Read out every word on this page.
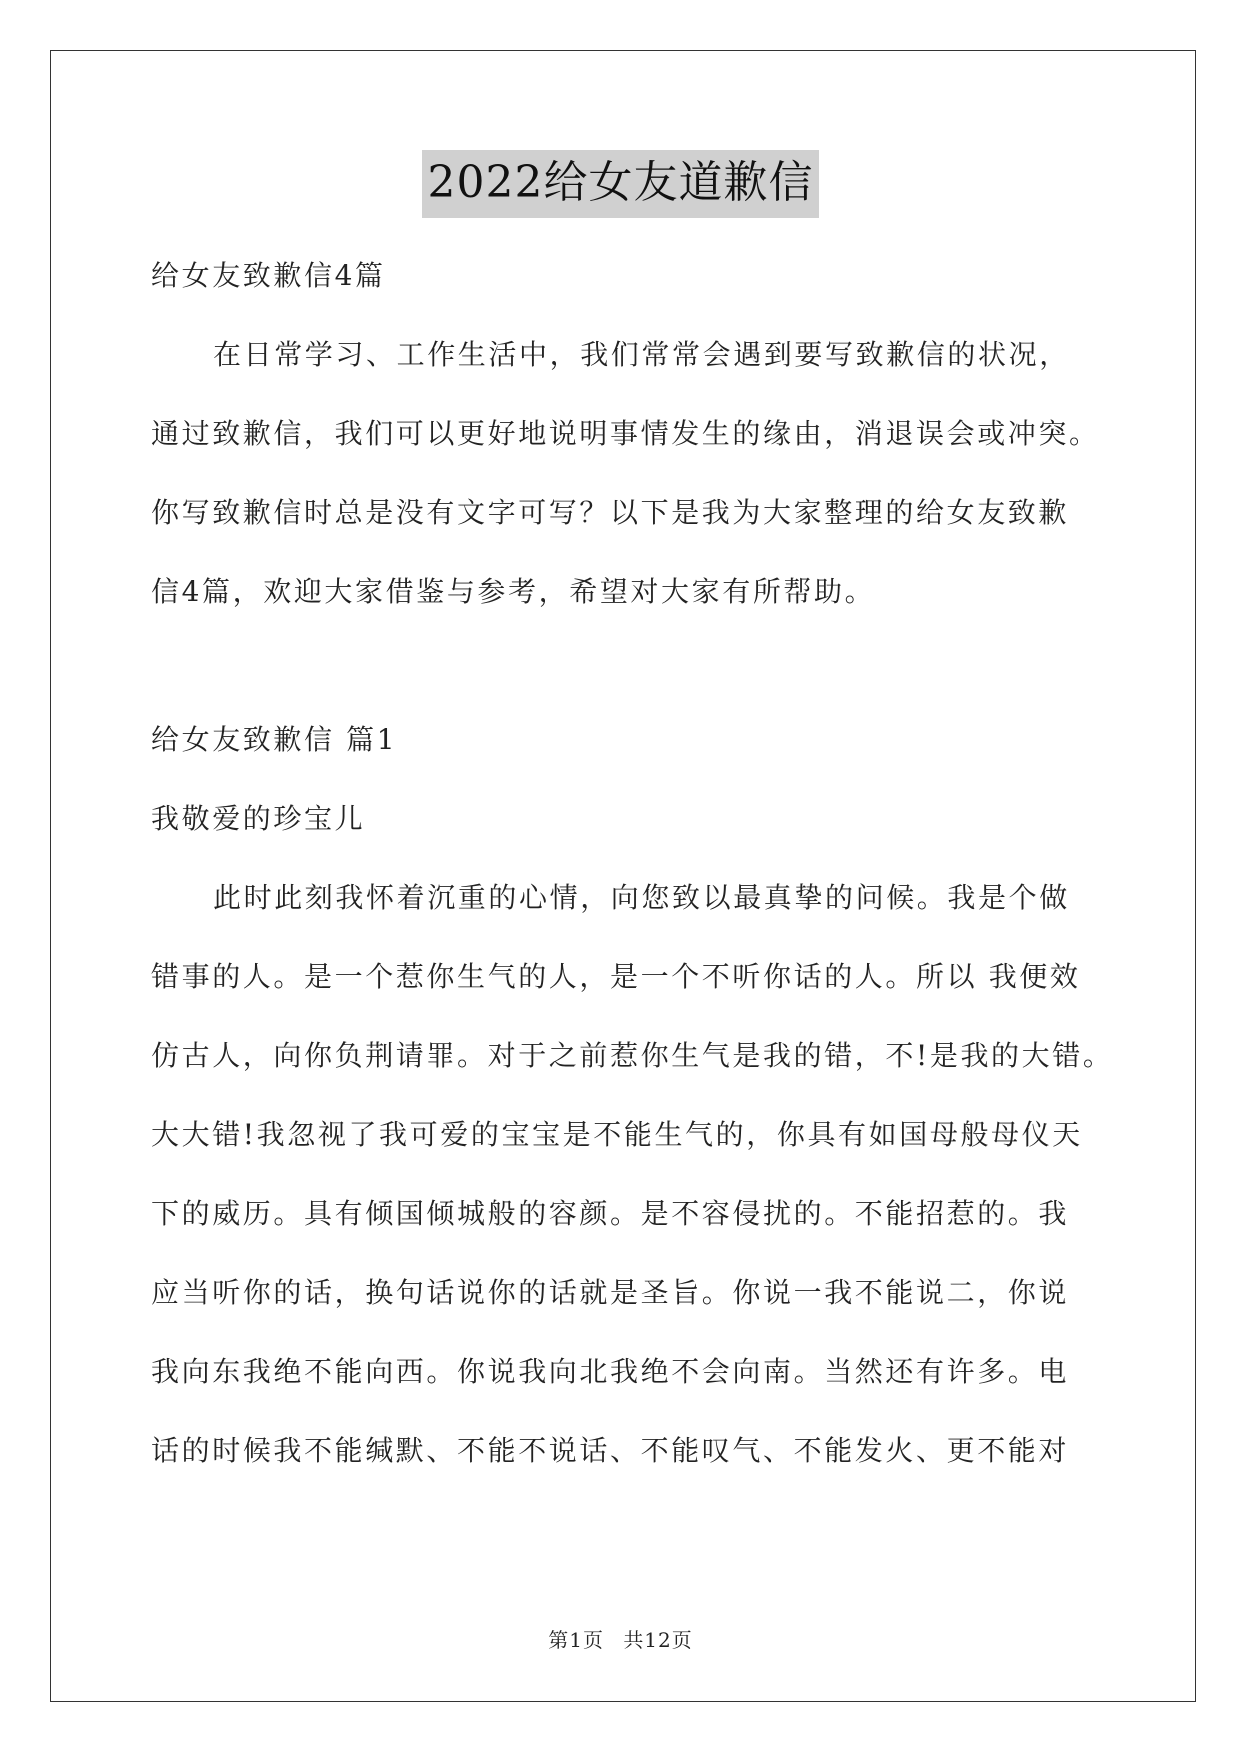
2022给女友道歉信
给女友致歉信4篇
在日常学习、工作生活中，我们常常会遇到要写致歉信的状况，
通过致歉信，我们可以更好地说明事情发生的缘由，消退误会或冲突。
你写致歉信时总是没有文字可写？以下是我为大家整理的给女友致歉
信4篇，欢迎大家借鉴与参考，希望对大家有所帮助。
给女友致歉信 篇1
我敬爱的珍宝儿
此时此刻我怀着沉重的心情，向您致以最真挚的问候。我是个做
错事的人。是一个惹你生气的人，是一个不听你话的人。所以 我便效
仿古人，向你负荆请罪。对于之前惹你生气是我的错，不!是我的大错。
大大错!我忽视了我可爱的宝宝是不能生气的，你具有如国母般母仪天
下的威历。具有倾国倾城般的容颜。是不容侵扰的。不能招惹的。我
应当听你的话，换句话说你的话就是圣旨。你说一我不能说二，你说
我向东我绝不能向西。你说我向北我绝不会向南。当然还有许多。电
话的时候我不能缄默、不能不说话、不能叹气、不能发火、更不能对
第1页 共12页
